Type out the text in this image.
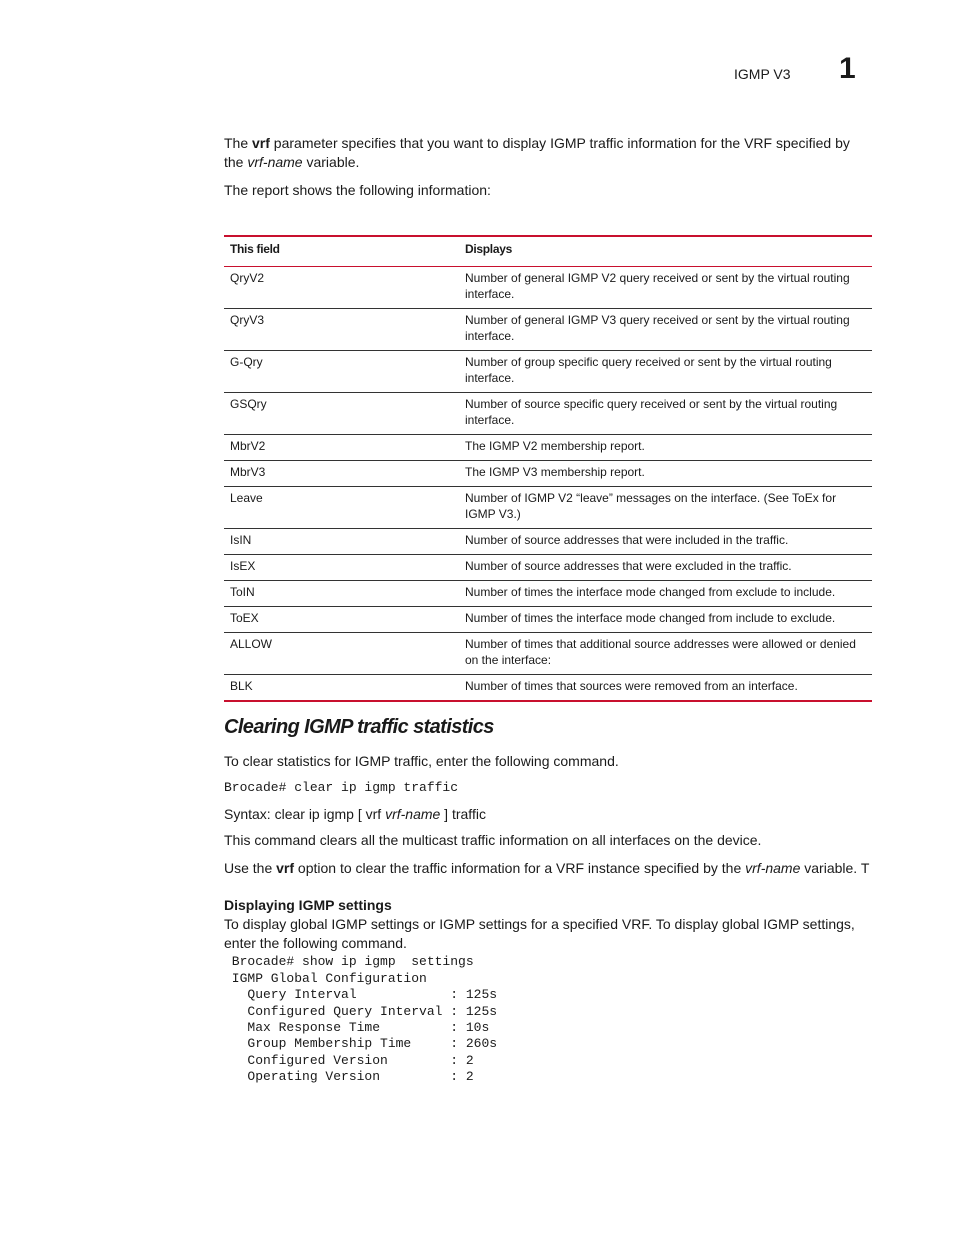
IGMP V3 1

The vrf parameter specifies that you want to display IGMP traffic information for the VRF specified by the vrf-name variable.

The report shows the following information:

This field	Displays
QryV2	Number of general IGMP V2 query received or sent by the virtual routing interface.
QryV3	Number of general IGMP V3 query received or sent by the virtual routing interface.
G-Qry	Number of group specific query received or sent by the virtual routing interface.
GSQry	Number of source specific query received or sent by the virtual routing interface.
MbrV2	The IGMP V2 membership report.
MbrV3	The IGMP V3 membership report.
Leave	Number of IGMP V2 “leave” messages on the interface. (See ToEx for IGMP V3.)
IsIN	Number of source addresses that were included in the traffic.
IsEX	Number of source addresses that were excluded in the traffic.
ToIN	Number of times the interface mode changed from exclude to include.
ToEX	Number of times the interface mode changed from include to exclude.
ALLOW	Number of times that additional source addresses were allowed or denied on the interface:
BLK	Number of times that sources were removed from an interface.
Clearing IGMP traffic statistics

To clear statistics for IGMP traffic, enter the following command.

Brocade# clear ip igmp traffic
Syntax: clear ip igmp [ vrf vrf-name ] traffic

This command clears all the multicast traffic information on all interfaces on the device.

Use the vrf option to clear the traffic information for a VRF instance specified by the vrf-name variable. T

Displaying IGMP settings

To display global IGMP settings or IGMP settings for a specified VRF. To display global IGMP settings, enter the following command.

Brocade# show ip igmp  settings
IGMP Global Configuration
Query Interval            : 125s
Configured Query Interval : 125s
Max Response Time         : 10s
Group Membership Time     : 260s
Configured Version        : 2
Operating Version         : 2
